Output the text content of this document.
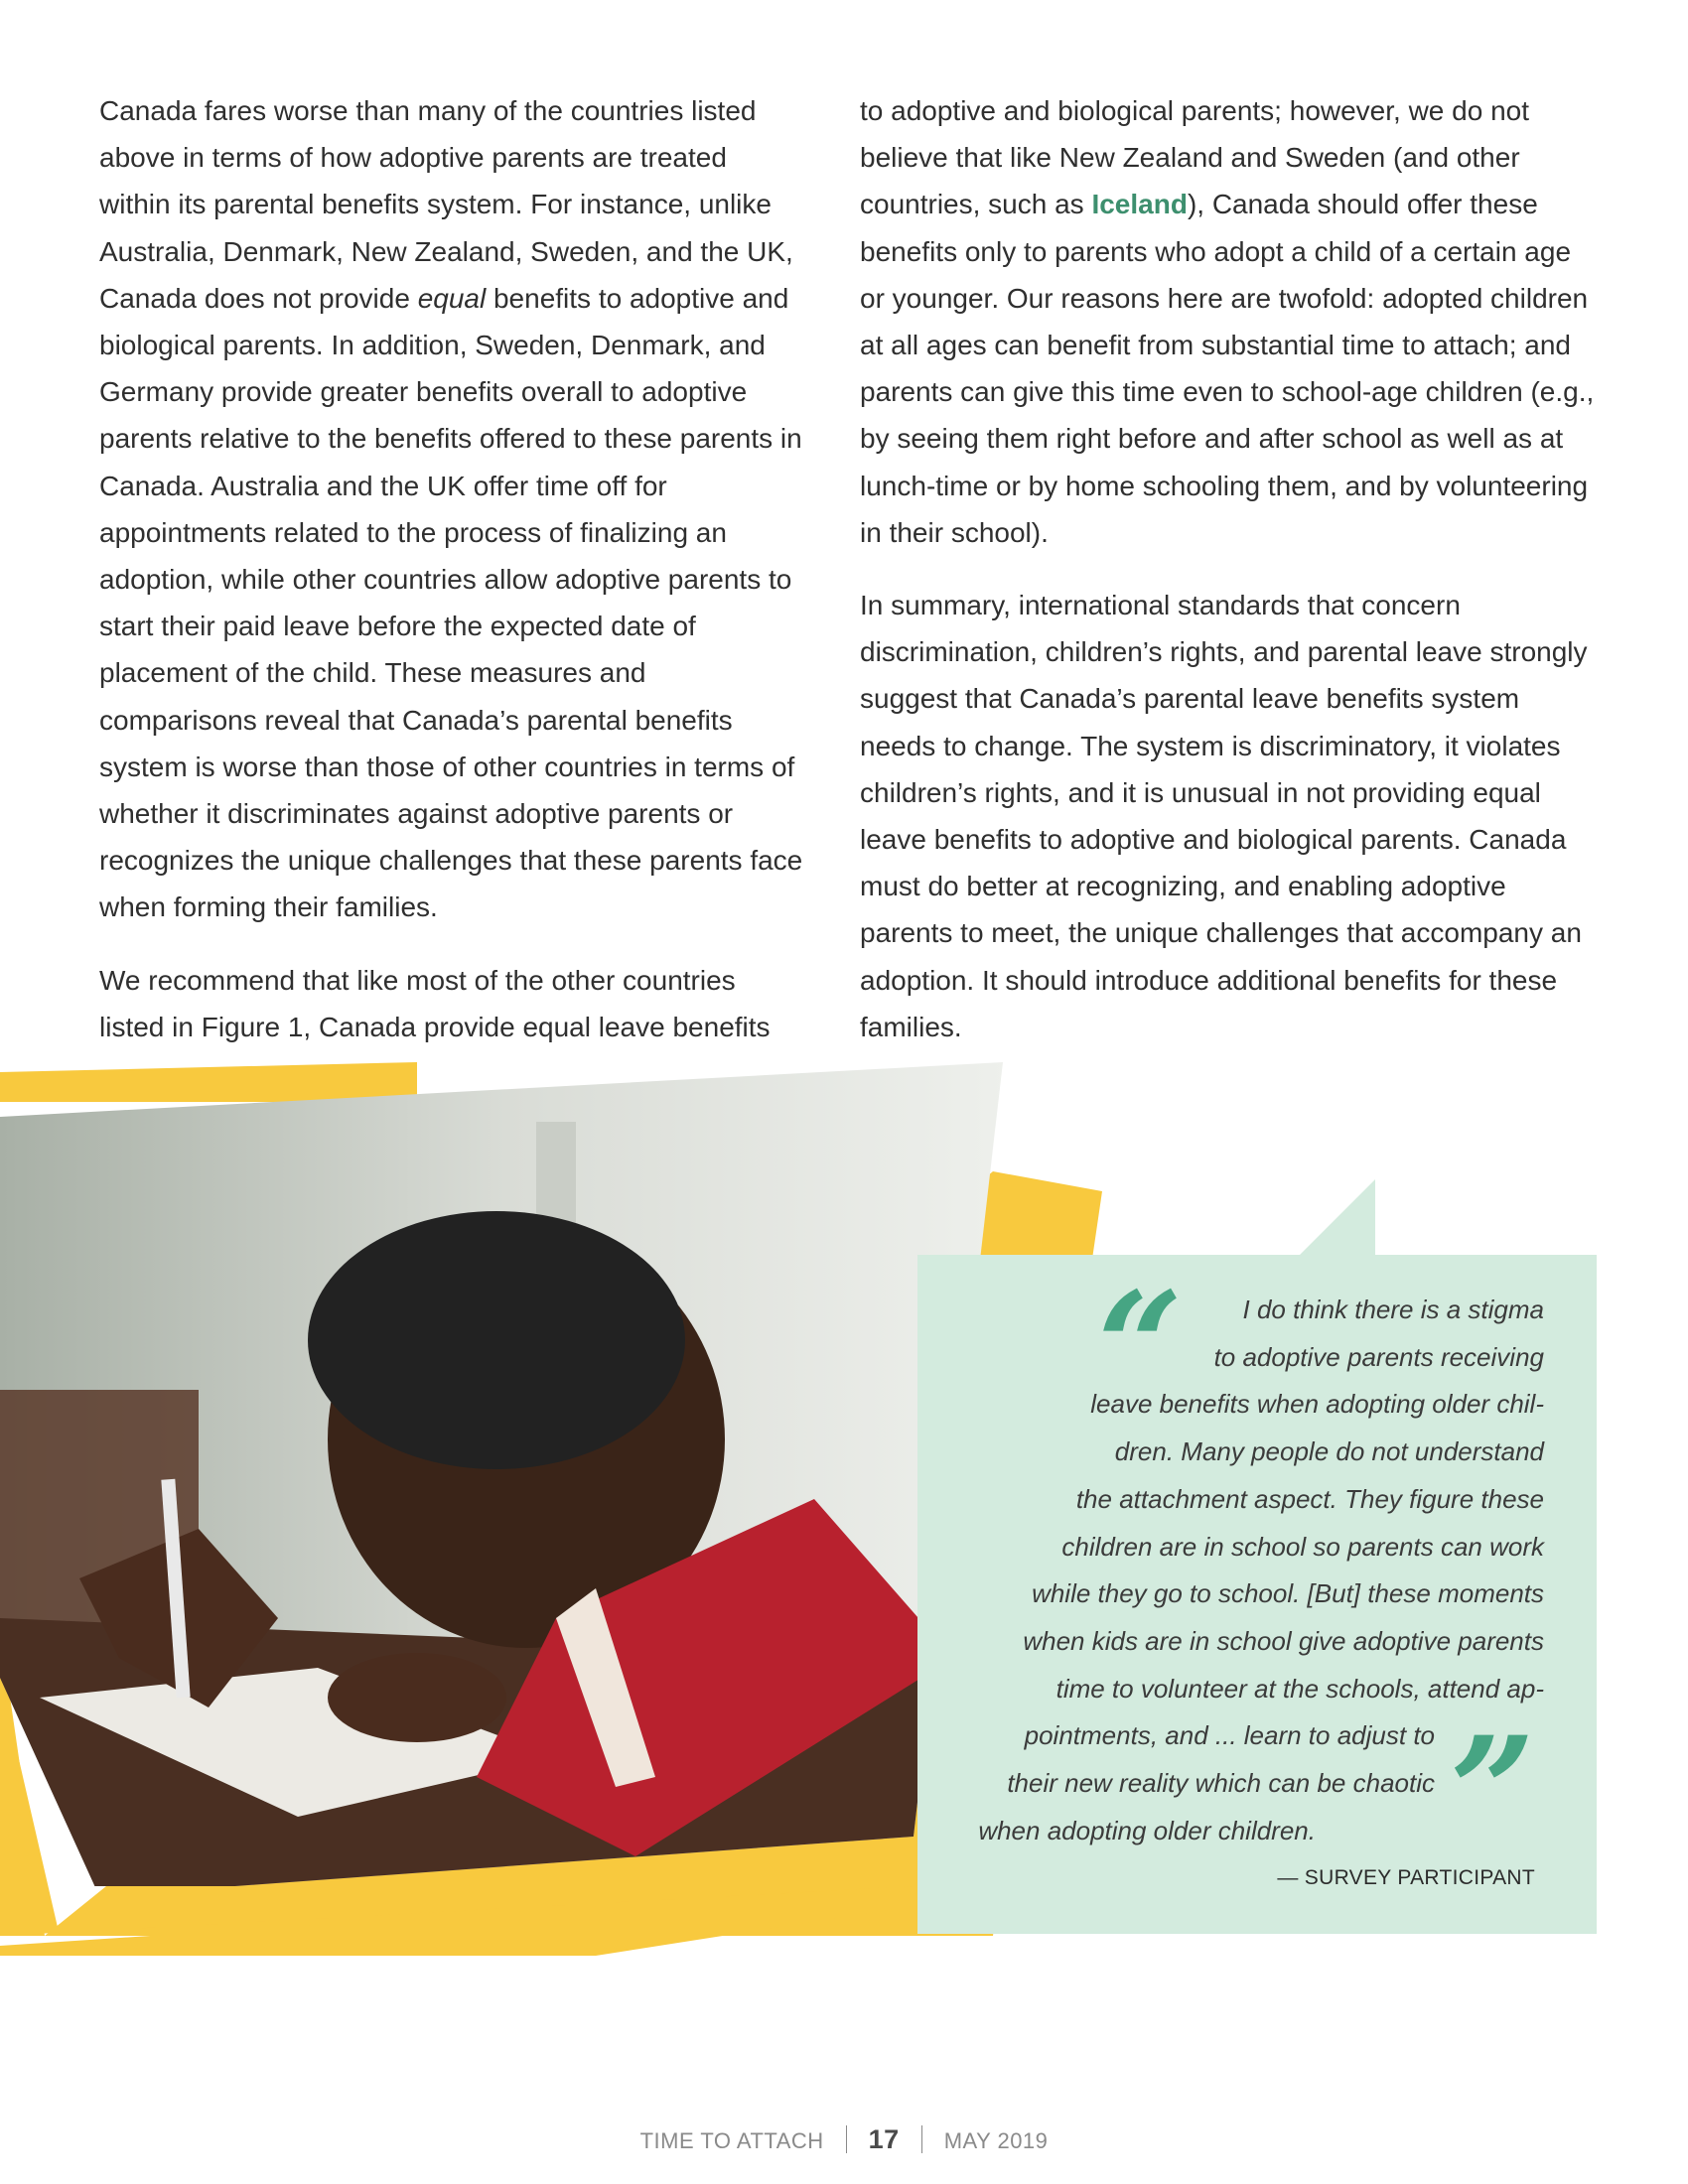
Canada fares worse than many of the countries listed above in terms of how adoptive parents are treated within its parental benefits system. For instance, unlike Australia, Denmark, New Zealand, Sweden, and the UK, Canada does not provide equal benefits to adoptive and biological parents. In addition, Sweden, Denmark, and Germany provide greater benefits overall to adoptive parents relative to the benefits offered to these parents in Canada. Australia and the UK offer time off for appointments related to the process of finalizing an adoption, while other countries allow adoptive parents to start their paid leave before the expected date of placement of the child. These measures and comparisons reveal that Canada’s parental benefits system is worse than those of other countries in terms of whether it discriminates against adoptive parents or recognizes the unique challenges that these parents face when forming their families.

We recommend that like most of the other countries listed in Figure 1, Canada provide equal leave benefits

to adoptive and biological parents; however, we do not believe that like New Zealand and Sweden (and other countries, such as Iceland), Canada should offer these benefits only to parents who adopt a child of a certain age or younger. Our reasons here are twofold: adopted children at all ages can benefit from substantial time to attach; and parents can give this time even to school-age children (e.g., by seeing them right before and after school as well as at lunch-time or by home schooling them, and by volunteering in their school).

In summary, international standards that concern discrimination, children’s rights, and parental leave strongly suggest that Canada’s parental leave benefits system needs to change. The system is discriminatory, it violates children’s rights, and it is unusual in not providing equal leave benefits to adoptive and biological parents. Canada must do better at recognizing, and enabling adoptive parents to meet, the unique challenges that accompany an adoption. It should introduce additional benefits for these families.

“
”
I do think there is a stigma
to adoptive parents receiving
leave benefits when adopting older chil-
dren. Many people do not understand
the attachment aspect. They figure these
children are in school so parents can work
while they go to school. [But] these moments
when kids are in school give adoptive parents
time to volunteer at the schools, attend ap-
pointments, and ... learn to adjust to
their new reality which can be chaotic
when adopting older children.
— SURVEY PARTICIPANT
TIME TO ATTACH 17 MAY 2019
